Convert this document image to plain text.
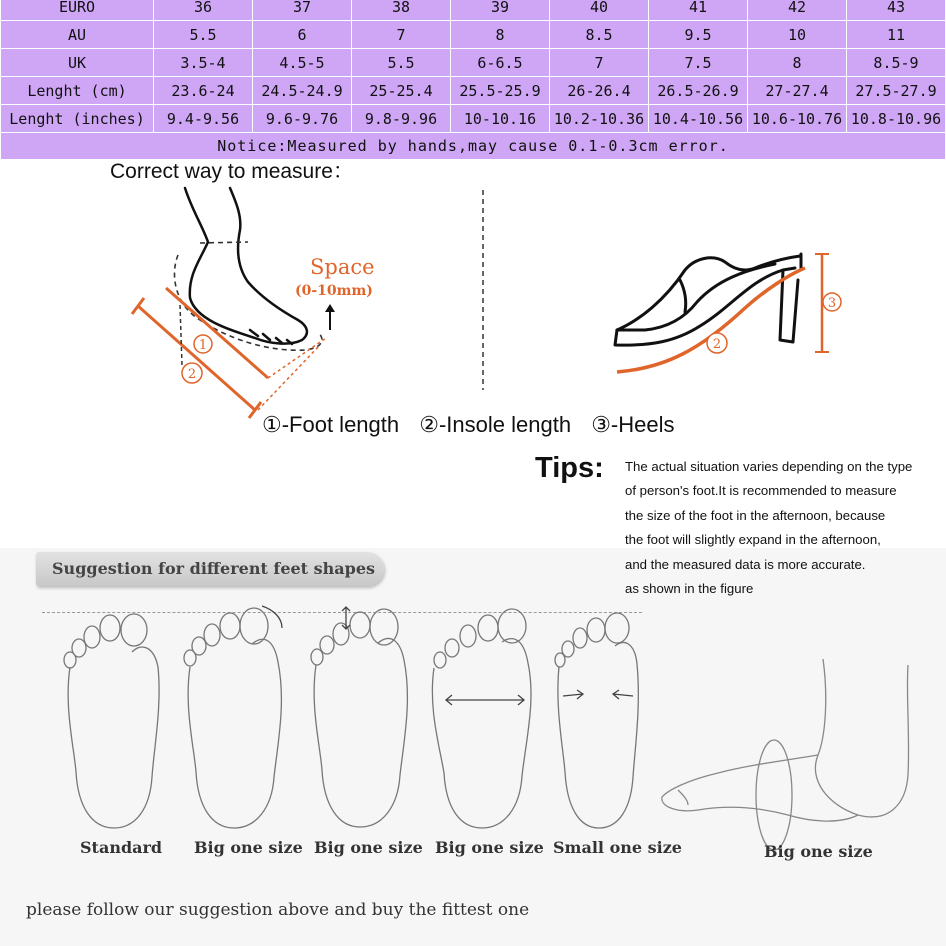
EURO	36	37	38	39	40	41	42	43
AU	5.5	6	7	8	8.5	9.5	10	11
UK	3.5-4	4.5-5	5.5	6-6.5	7	7.5	8	8.5-9
Lenght (cm)	23.6-24	24.5-24.9	25-25.4	25.5-25.9	26-26.4	26.5-26.9	27-27.4	27.5-27.9
Lenght (inches)	9.4-9.56	9.6-9.76	9.8-9.96	10-10.16	10.2-10.36	10.4-10.56	10.6-10.76	10.8-10.96
Notice:Measured by hands,may cause 0.1-0.3cm error.								
Correct way to measure：
1
2
Space
(0-10mm)
2
3
①-Foot length ②-Insole length ③-Heels
Tips: The actual situation varies depending on the type
of person's foot.It is recommended to measure
the size of the foot in the afternoon, because
the foot will slightly expand in the afternoon,
and the measured data is more accurate.
as shown in the figure
Suggestion for different feet shapes
Standard Big one size Big one size Big one size Small one size	Big one size
please follow our suggestion above and buy the fittest one
